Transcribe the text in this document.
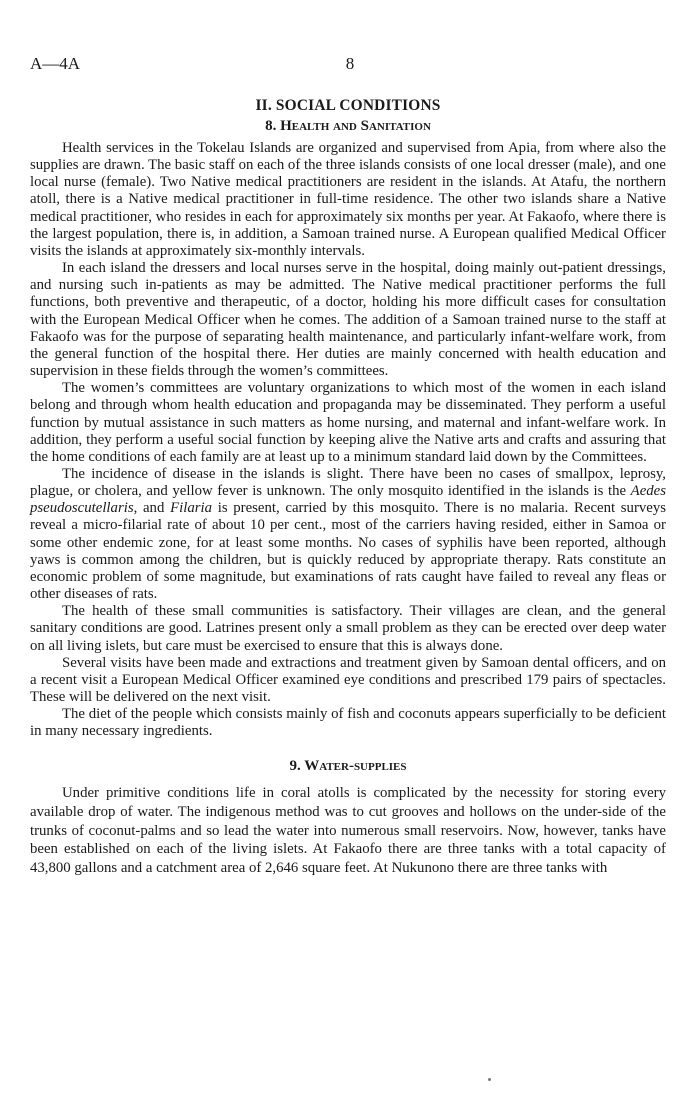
A—4A	8
II. SOCIAL CONDITIONS
8. Health and Sanitation

Health services in the Tokelau Islands are organized and supervised from Apia, from where also the supplies are drawn. The basic staff on each of the three islands consists of one local dresser (male), and one local nurse (female). Two Native medical practitioners are resident in the islands. At Atafu, the northern atoll, there is a Native medical practitioner in full-time residence. The other two islands share a Native medical practitioner, who resides in each for approximately six months per year. At Fakaofo, where there is the largest population, there is, in addition, a Samoan trained nurse. A European qualified Medical Officer visits the islands at approximately six-monthly intervals.

In each island the dressers and local nurses serve in the hospital, doing mainly out-patient dressings, and nursing such in-patients as may be admitted. The Native medical practitioner performs the full functions, both preventive and therapeutic, of a doctor, holding his more difficult cases for consultation with the European Medical Officer when he comes. The addition of a Samoan trained nurse to the staff at Fakaofo was for the purpose of separating health maintenance, and particularly infant-welfare work, from the general function of the hospital there. Her duties are mainly concerned with health education and supervision in these fields through the women’s committees.

The women’s committees are voluntary organizations to which most of the women in each island belong and through whom health education and propaganda may be disseminated. They perform a useful function by mutual assistance in such matters as home nursing, and maternal and infant-welfare work. In addition, they perform a useful social function by keeping alive the Native arts and crafts and assuring that the home conditions of each family are at least up to a minimum standard laid down by the Committees.

The incidence of disease in the islands is slight. There have been no cases of smallpox, leprosy, plague, or cholera, and yellow fever is unknown. The only mosquito identified in the islands is the Aedes pseudoscutellaris, and Filaria is present, carried by this mosquito. There is no malaria. Recent surveys reveal a micro-filarial rate of about 10 per cent., most of the carriers having resided, either in Samoa or some other endemic zone, for at least some months. No cases of syphilis have been reported, although yaws is common among the children, but is quickly reduced by appropriate therapy. Rats constitute an economic problem of some magnitude, but examinations of rats caught have failed to reveal any fleas or other diseases of rats.

The health of these small communities is satisfactory. Their villages are clean, and the general sanitary conditions are good. Latrines present only a small problem as they can be erected over deep water on all living islets, but care must be exercised to ensure that this is always done.

Several visits have been made and extractions and treatment given by Samoan dental officers, and on a recent visit a European Medical Officer examined eye conditions and prescribed 179 pairs of spectacles. These will be delivered on the next visit.

The diet of the people which consists mainly of fish and coconuts appears superficially to be deficient in many necessary ingredients.

9. Water-supplies

Under primitive conditions life in coral atolls is complicated by the necessity for storing every available drop of water. The indigenous method was to cut grooves and hollows on the under-side of the trunks of coconut-palms and so lead the water into numerous small reservoirs. Now, however, tanks have been established on each of the living islets. At Fakaofo there are three tanks with a total capacity of 43,800 gallons and a catchment area of 2,646 square feet. At Nukunono there are three tanks with
